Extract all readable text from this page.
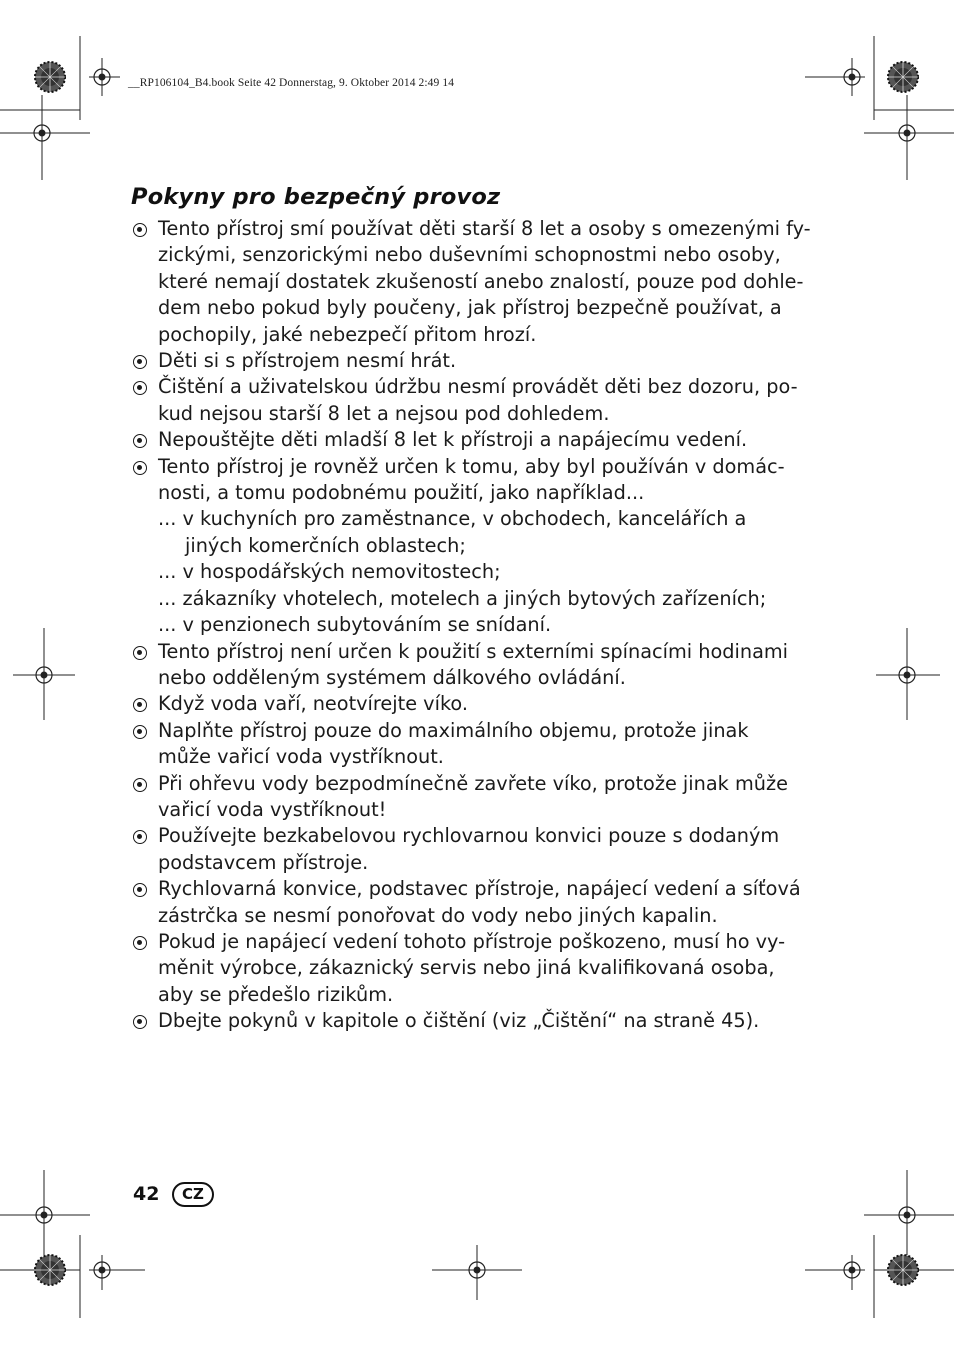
__RP106104_B4.book Seite 42 Donnerstag, 9. Oktober 2014 2:49 14
Pokyny pro bezpečný provoz
Tento přístroj smí používat děti starší 8 let a osoby s omezenými fy-
zickými, senzorickými nebo duševními schopnostmi nebo osoby,
které nemají dostatek zkušeností anebo znalostí, pouze pod dohle-
dem nebo pokud byly poučeny, jak přístroj bezpečně používat, a
pochopily, jaké nebezpečí přitom hrozí.
Děti si s přístrojem nesmí hrát.
Čištění a uživatelskou údržbu nesmí provádět děti bez dozoru, po-
kud nejsou starší 8 let a nejsou pod dohledem.
Nepouštějte děti mladší 8 let k přístroji a napájecímu vedení.
Tento přístroj je rovněž určen k tomu, aby byl používán v domác-
nosti, a tomu podobnému použití, jako například...
... v kuchyních pro zaměstnance, v obchodech, kancelářích a
jiných komerčních oblastech;
... v hospodářských nemovitostech;
... zákazníky vhotelech, motelech a jiných bytových zařízeních;
... v penzionech subytováním se snídaní.
Tento přístroj není určen k použití s externími spínacími hodinami
nebo odděleným systémem dálkového ovládání.
Když voda vaří, neotvírejte víko.
Naplňte přístroj pouze do maximálního objemu, protože jinak
může vařicí voda vystříknout.
Při ohřevu vody bezpodmínečně zavřete víko, protože jinak může
vařicí voda vystříknout!
Používejte bezkabelovou rychlovarnou konvici pouze s dodaným
podstavcem přístroje.
Rychlovarná konvice, podstavec přístroje, napájecí vedení a síťová
zástrčka se nesmí ponořovat do vody nebo jiných kapalin.
Pokud je napájecí vedení tohoto přístroje poškozeno, musí ho vy-
měnit výrobce, zákaznický servis nebo jiná kvalifikovaná osoba,
aby se předešlo rizikům.
Dbejte pokynů v kapitole o čištění (viz „Čištění“ na straně 45).
42	CZ
